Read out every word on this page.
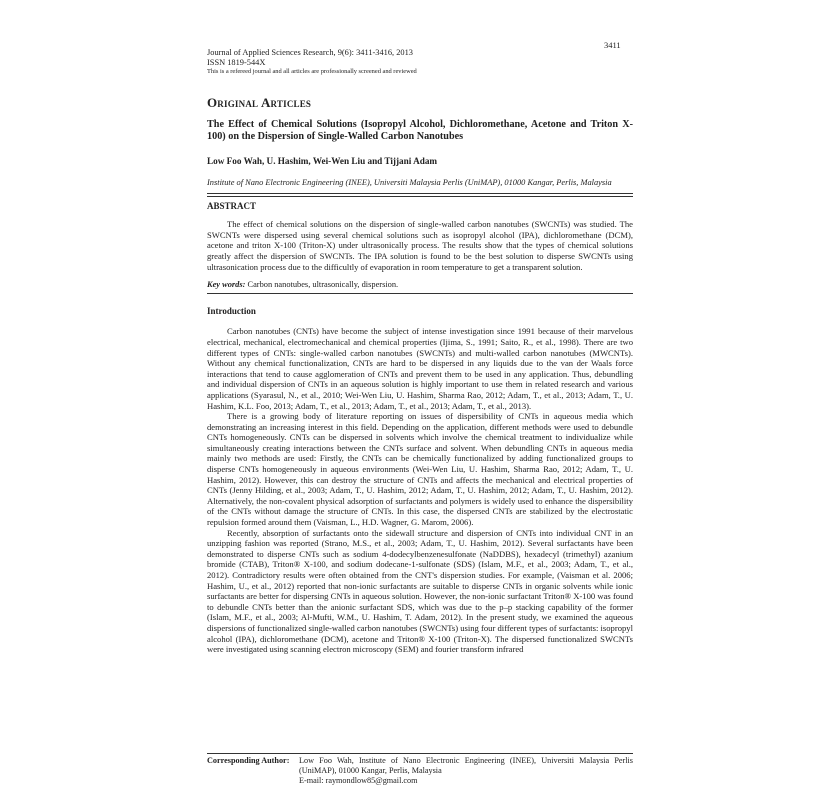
3411
Journal of Applied Sciences Research, 9(6): 3411-3416, 2013
ISSN 1819-544X
This is a refereed journal and all articles are professionally screened and reviewed
Original Articles
The Effect of Chemical Solutions (Isopropyl Alcohol, Dichloromethane, Acetone and Triton X-100) on the Dispersion of Single-Walled Carbon Nanotubes
Low Foo Wah, U. Hashim, Wei-Wen Liu and Tijjani Adam
Institute of Nano Electronic Engineering (INEE), Universiti Malaysia Perlis (UniMAP), 01000 Kangar, Perlis, Malaysia
ABSTRACT
The effect of chemical solutions on the dispersion of single-walled carbon nanotubes (SWCNTs) was studied. The SWCNTs were dispersed using several chemical solutions such as isopropyl alcohol (IPA), dichloromethane (DCM), acetone and triton X-100 (Triton-X) under ultrasonically process. The results show that the types of chemical solutions greatly affect the dispersion of SWCNTs. The IPA solution is found to be the best solution to disperse SWCNTs using ultrasonication process due to the difficultly of evaporation in room temperature to get a transparent solution.
Key words: Carbon nanotubes, ultrasonically, dispersion.
Introduction
Carbon nanotubes (CNTs) have become the subject of intense investigation since 1991 because of their marvelous electrical, mechanical, electromechanical and chemical properties (Ijima, S., 1991; Saito, R., et al., 1998). There are two different types of CNTs: single-walled carbon nanotubes (SWCNTs) and multi-walled carbon nanotubes (MWCNTs). Without any chemical functionalization, CNTs are hard to be dispersed in any liquids due to the van der Waals force interactions that tend to cause agglomeration of CNTs and prevent them to be used in any application. Thus, debundling and individual dispersion of CNTs in an aqueous solution is highly important to use them in related research and various applications (Syarasul, N., et al., 2010; Wei-Wen Liu, U. Hashim, Sharma Rao, 2012; Adam, T., et al., 2013; Adam, T., U. Hashim, K.L. Foo, 2013; Adam, T., et al., 2013; Adam, T., et al., 2013; Adam, T., et al., 2013).
There is a growing body of literature reporting on issues of dispersibility of CNTs in aqueous media which demonstrating an increasing interest in this field. Depending on the application, different methods were used to debundle CNTs homogeneously. CNTs can be dispersed in solvents which involve the chemical treatment to individualize while simultaneously creating interactions between the CNTs surface and solvent. When debundling CNTs in aqueous media mainly two methods are used: Firstly, the CNTs can be chemically functionalized by adding functionalized groups to disperse CNTs homogeneously in aqueous environments (Wei-Wen Liu, U. Hashim, Sharma Rao, 2012; Adam, T., U. Hashim, 2012). However, this can destroy the structure of CNTs and affects the mechanical and electrical properties of CNTs (Jenny Hilding, et al., 2003; Adam, T., U. Hashim, 2012; Adam, T., U. Hashim, 2012; Adam, T., U. Hashim, 2012). Alternatively, the non-covalent physical adsorption of surfactants and polymers is widely used to enhance the dispersibility of the CNTs without damage the structure of CNTs. In this case, the dispersed CNTs are stabilized by the electrostatic repulsion formed around them (Vaisman, L., H.D. Wagner, G. Marom, 2006).
Recently, absorption of surfactants onto the sidewall structure and dispersion of CNTs into individual CNT in an unzipping fashion was reported (Strano, M.S., et al., 2003; Adam, T., U. Hashim, 2012). Several surfactants have been demonstrated to disperse CNTs such as sodium 4-dodecylbenzenesulfonate (NaDDBS), hexadecyl (trimethyl) azanium bromide (CTAB), Triton® X-100, and sodium dodecane-1-sulfonate (SDS) (Islam, M.F., et al., 2003; Adam, T., et al., 2012). Contradictory results were often obtained from the CNT's dispersion studies. For example, (Vaisman et al. 2006; Hashim, U., et al., 2012) reported that non-ionic surfactants are suitable to disperse CNTs in organic solvents while ionic surfactants are better for dispersing CNTs in aqueous solution. However, the non-ionic surfactant Triton® X-100 was found to debundle CNTs better than the anionic surfactant SDS, which was due to the p–p stacking capability of the former (Islam, M.F., et al., 2003; Al-Mufti, W.M., U. Hashim, T. Adam, 2012). In the present study, we examined the aqueous dispersions of functionalized single-walled carbon nanotubes (SWCNTs) using four different types of surfactants: isopropyl alcohol (IPA), dichloromethane (DCM), acetone and Triton® X-100 (Triton-X). The dispersed functionalized SWCNTs were investigated using scanning electron microscopy (SEM) and fourier transform infrared
Corresponding Author:	Low Foo Wah, Institute of Nano Electronic Engineering (INEE), Universiti Malaysia Perlis (UniMAP), 01000 Kangar, Perlis, Malaysia
E-mail: raymondlow85@gmail.com
